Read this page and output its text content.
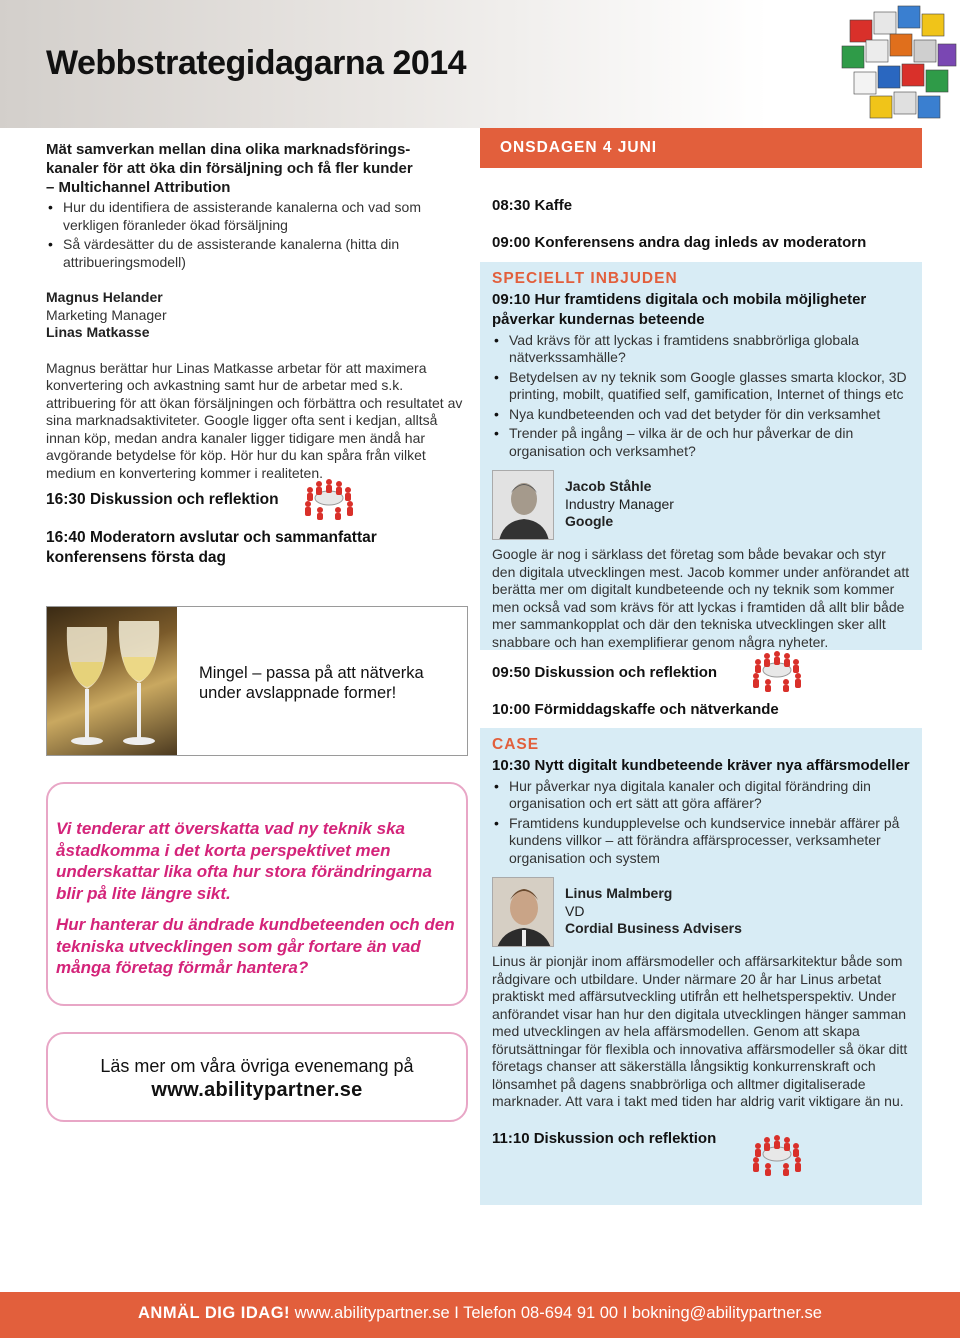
Webbstrategidagarna 2014
Mät samverkan mellan dina olika marknadsförings-
kanaler för att öka din försäljning och få fler kunder
– Multichannel Attribution
• Hur du identifiera de assisterande kanalerna och vad som verkligen föranleder ökad försäljning
• Så värdesätter du de assisterande kanalerna (hitta din attribueringsmodell)
Magnus Helander
Marketing Manager
Linas Matkasse
Magnus berättar hur Linas Matkasse arbetar för att maximera konvertering och avkastning samt hur de arbetar med s.k. attribuering för att ökan försäljningen och förbättra och resultatet av sina marknadsaktiviteter. Google ligger ofta sent i kedjan, alltså innan köp, medan andra kanaler ligger tidigare men ändå har avgörande betydelse för köp. Hör hur du kan spåra från vilket medium en konvertering kommer i realiteten.
16:30 Diskussion och reflektion
16:40 Moderatorn avslutar och sammanfattar
konferensens första dag
Mingel – passa på att nätverka
under avslappnade former!

Vi tenderar att överskatta vad ny teknik ska åstadkomma i det korta perspektivet men underskattar lika ofta hur stora förändringarna blir på lite längre sikt.

Hur hanterar du ändrade kundbeteenden och den tekniska utvecklingen som går fortare än vad många företag förmår hantera?

Läs mer om våra övriga evenemang på
www.abilitypartner.se
ONSDAGEN 4 JUNI
08:30 Kaffe
09:00 Konferensens andra dag inleds av moderatorn
SPECIELLT INBJUDEN
09:10 Hur framtidens digitala och mobila möjligheter påverkar kundernas beteende
• Vad krävs för att lyckas i framtidens snabbrörliga globala nätverkssamhälle?
• Betydelsen av ny teknik som Google glasses smarta klockor, 3D printing, mobilt, quatified self, gamification, Internet of things etc
• Nya kundbeteenden och vad det betyder för din verksamhet
• Trender på ingång – vilka är de och hur påverkar de din organisation och verksamhet?
Jacob Ståhle
Industry Manager
Google
Google är nog i särklass det företag som både bevakar och styr den digitala utvecklingen mest. Jacob kommer under anförandet att berätta mer om digitalt kundbeteende och ny teknik som kommer men också vad som krävs för att lyckas i framtiden då allt blir både mer sammankopplat och där den tekniska utvecklingen sker allt snabbare och han exemplifierar genom några nyheter.
09:50 Diskussion och reflektion
10:00 Förmiddagskaffe och nätverkande
CASE
10:30 Nytt digitalt kundbeteende kräver nya affärsmodeller
• Hur påverkar nya digitala kanaler och digital förändring din organisation och ert sätt att göra affärer?
• Framtidens kundupplevelse och kundservice innebär affärer på kundens villkor – att förändra affärsprocesser, verksamheter organisation och system
Linus Malmberg
VD
Cordial Business Advisers
Linus är pionjär inom affärsmodeller och affärsarkitektur både som rådgivare och utbildare. Under närmare 20 år har Linus arbetat praktiskt med affärsutveckling utifrån ett helhetsperspektiv. Under anförandet visar han hur den digitala utvecklingen hänger samman med utvecklingen av hela affärsmodellen. Genom att skapa förutsättningar för flexibla och innovativa affärsmodeller så ökar ditt företags chanser att säkerställa långsiktig konkurrenskraft och lönsamhet på dagens snabbrörliga och alltmer digitaliserade marknader. Att vara i takt med tiden har aldrig varit viktigare än nu.
11:10 Diskussion och reflektion
ANMÄL DIG IDAG! www.abilitypartner.se I Telefon 08-694 91 00 I bokning@abilitypartner.se
